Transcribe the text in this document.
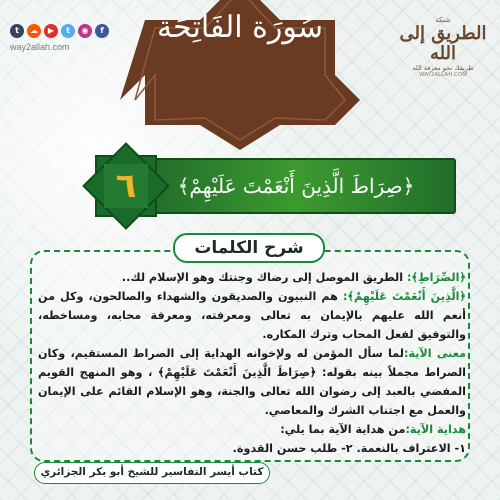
t	☁	▶	t	◉	f
way2allah.com
شبكة
الطريق إلى الله
طريقك نحو معرفة الله
WAY2ALLAH.COM
سُورَة الفَاتِحَة
﴿صِرَاطَ الَّذِينَ أَنْعَمْتَ عَلَيْهِمْ﴾
٦
شرح الكلمات

﴿الصِّرَاطِ﴾: الطريق الموصل إلى رضاك وجنتك وهو الإسلام لك..

﴿الَّذِينَ أَنْعَمْتَ عَلَيْهِمْ﴾: هم النبيون والصديقون والشهداء والصالحون، وكل من أنعم الله عليهم بالإيمان به تعالى ومعرفته، ومعرفة محابه، ومساخطه، والتوفيق لفعل المحاب وترك المكاره.

معنى الآية:لما سأل المؤمن له ولإخوانه الهداية إلى الصراط المستقيم، وكان الصراط مجملاً بينه بقوله: ﴿صِرَاطَ الَّذِينَ أَنْعَمْتَ عَلَيْهِمْ﴾ ، وهو المنهج القويم المفضي بالعبد إلى رضوان الله تعالى والجنة، وهو الإسلام القائم على الإيمان والعمل مع اجتناب الشرك والمعاصي.

هداية الآية:من هداية الآية بما يلي:

١- الاعتراف بالنعمة. ٢- طلب حسن القدوة.

كتاب أيسر التفاسير للشيخ أبو بكر الجزائري
